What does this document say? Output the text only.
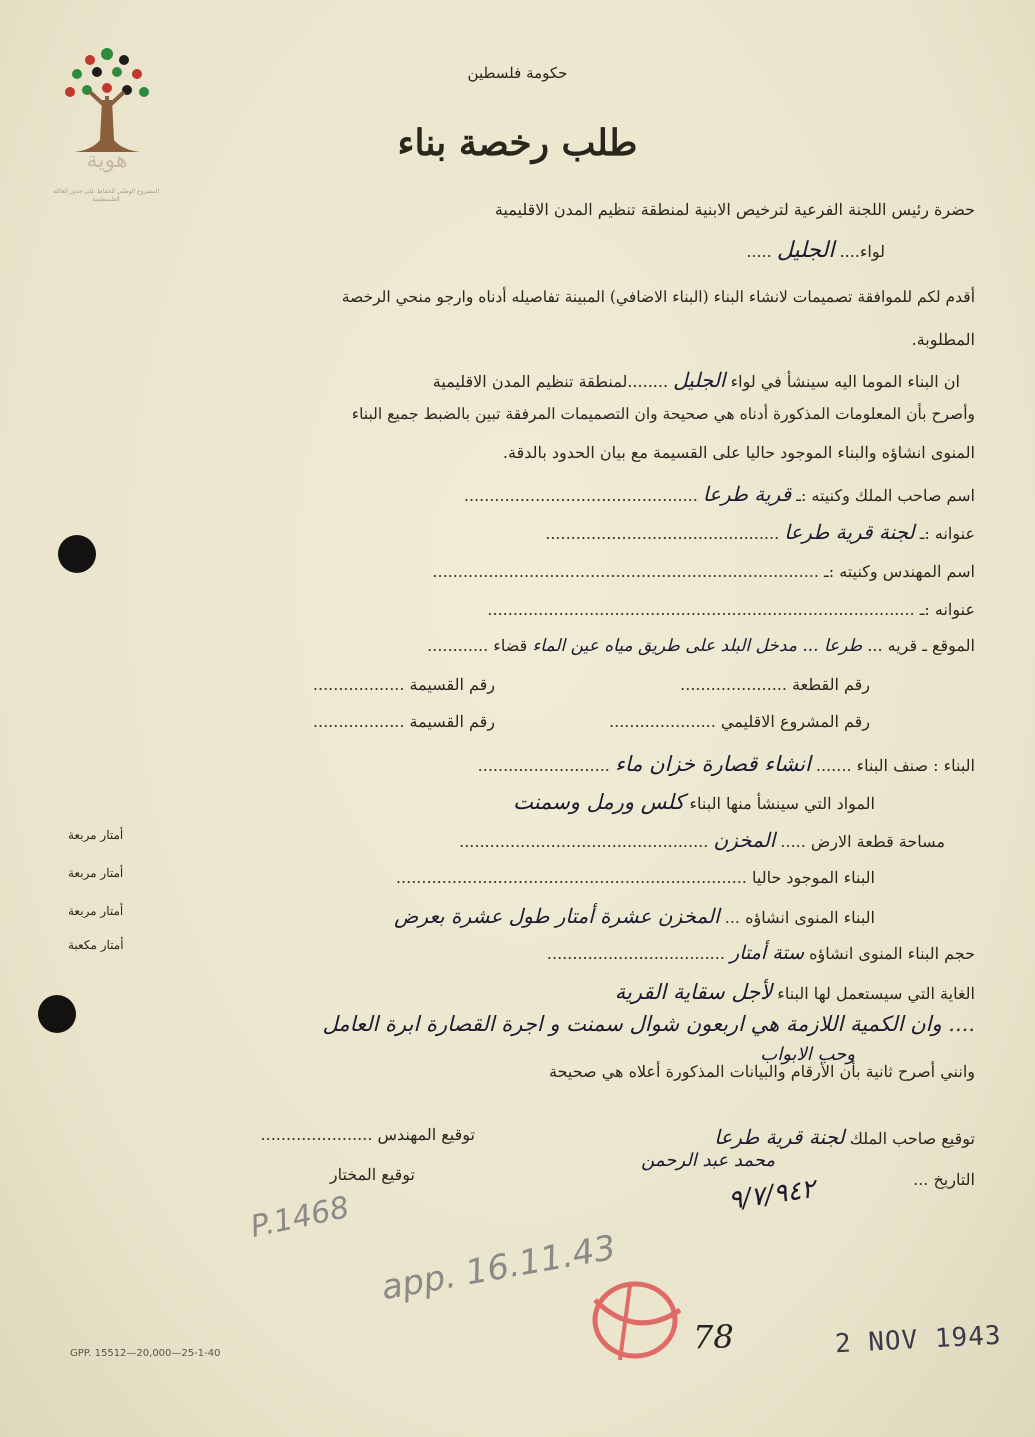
هوية
المشروع الوطني للحفاظ على جذور العائلة الفلسطينية
حكومة فلسطين
طلب رخصة بناء
حضرة رئيس اللجنة الفرعية لترخيص الابنية لمنطقة تنظيم المدن الاقليمية
لواء.... الجليل .....
أقدم لكم للموافقة تصميمات لانشاء البناء (البناء الاضافي) المبينة تفاصيله أدناه وارجو منحي الرخصة
المطلوبة.
ان البناء الموما اليه سينشأ في لواء الجليل ........لمنطقة تنظيم المدن الاقليمية
وأصرح بأن المعلومات المذكورة أدناه هي صحيحة وان التصميمات المرفقة تبين بالضبط جميع البناء
المنوى انشاؤه والبناء الموجود حاليا على القسيمة مع بيان الحدود بالدقة.
اسم صاحب الملك وكنيته :ـ قرية طرعا ..............................................
عنوانه :ـ لجنة قرية طرعا ..............................................
اسم المهندس وكنيته :ـ ............................................................................
عنوانه :ـ ....................................................................................
الموقع ـ قريه ... طرعا ... مدخل البلد على طريق مياه عين الماء قضاء ............
رقم القطعة .....................
رقم القسيمة ..................
رقم المشروع الاقليمي .....................
رقم القسيمة ..................
البناء : صنف البناء ....... انشاء قصارة خزان ماء ..........................
المواد التي سينشأ منها البناء كلس ورمل وسمنت
مساحة قطعة الارض ..... المخزن .................................................
أمتار مربعة
البناء الموجود حاليا .....................................................................
أمتار مربعة
البناء المنوى انشاؤه ... المخزن عشرة أمتار طول عشرة بعرض
أمتار مربعة
حجم البناء المنوى انشاؤه ستة أمتار ...................................
أمتار مكعبة
الغاية التي سيستعمل لها البناء لأجل سقاية القرية
.... وان الكمية اللازمة هي اربعون شوال سمنت و اجرة القصارة ابرة العامل
وحب الابواب
وانني أصرح ثانية بأن الأرقام والبيانات المذكورة أعلاه هي صحيحة
توقيع صاحب الملك لجنة قرية طرعا
توقيع المهندس ......................
محمد عبد الرحمن
التاريخ ...
٩/٧/٩٤٢
توقيع المختار
P.1468
app. 16.11.43
78	2 NOV 1943
GPP. 15512—20,000—25-1-40
